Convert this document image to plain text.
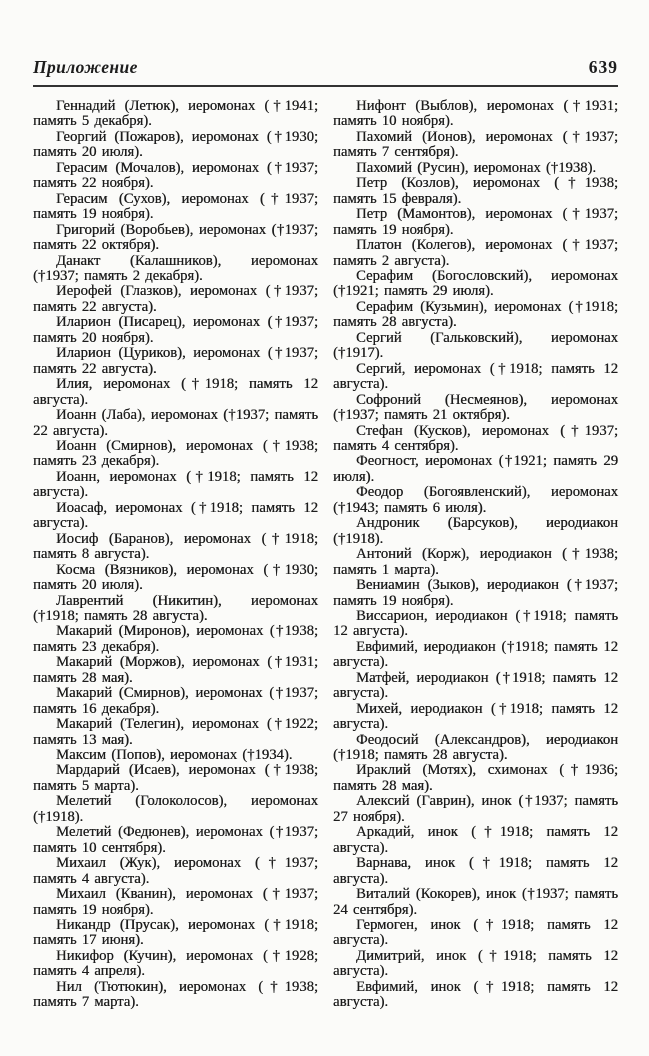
Приложение	639

Геннадий (Летюк), иеромонах (†1941; память 5 декабря).

Георгий (Пожаров), иеромонах (†1930; память 20 июля).

Герасим (Мочалов), иеромонах (†1937; память 22 ноября).

Герасим (Сухов), иеромонах (†1937; память 19 ноября).

Григорий (Воробьев), иеромонах (†1937; память 22 октября).

Данакт (Калашников), иеромонах (†1937; память 2 декабря).

Иерофей (Глазков), иеромонах (†1937; память 22 августа).

Иларион (Писарец), иеромонах (†1937; память 20 ноября).

Иларион (Цуриков), иеромонах (†1937; память 22 августа).

Илия, иеромонах (†1918; память 12 августа).

Иоанн (Лаба), иеромонах (†1937; память 22 августа).

Иоанн (Смирнов), иеромонах (†1938; память 23 декабря).

Иоанн, иеромонах (†1918; память 12 августа).

Иоасаф, иеромонах (†1918; память 12 августа).

Иосиф (Баранов), иеромонах (†1918; память 8 августа).

Косма (Вязников), иеромонах (†1930; память 20 июля).

Лаврентий (Никитин), иеромонах (†1918; память 28 августа).

Макарий (Миронов), иеромонах (†1938; память 23 декабря).

Макарий (Моржов), иеромонах (†1931; память 28 мая).

Макарий (Смирнов), иеромонах (†1937; память 16 декабря).

Макарий (Телегин), иеромонах (†1922; память 13 мая).

Максим (Попов), иеромонах (†1934).

Мардарий (Исаев), иеромонах (†1938; память 5 марта).

Мелетий (Голоколосов), иеромонах (†1918).

Мелетий (Федюнев), иеромонах (†1937; память 10 сентября).

Михаил (Жук), иеромонах (†1937; память 4 августа).

Михаил (Кванин), иеромонах (†1937; память 19 ноября).

Никандр (Прусак), иеромонах (†1918; память 17 июня).

Никифор (Кучин), иеромонах (†1928; память 4 апреля).

Нил (Тютюкин), иеромонах (†1938; память 7 марта).

Нифонт (Выблов), иеромонах (†1931; память 10 ноября).

Пахомий (Ионов), иеромонах (†1937; память 7 сентября).

Пахомий (Русин), иеромонах (†1938).

Петр (Козлов), иеромонах (†1938; память 15 февраля).

Петр (Мамонтов), иеромонах (†1937; память 19 ноября).

Платон (Колегов), иеромонах (†1937; память 2 августа).

Серафим (Богословский), иеромонах (†1921; память 29 июля).

Серафим (Кузьмин), иеромонах (†1918; память 28 августа).

Сергий (Гальковский), иеромонах (†1917).

Сергий, иеромонах (†1918; память 12 августа).

Софроний (Несмеянов), иеромонах (†1937; память 21 октября).

Стефан (Кусков), иеромонах (†1937; память 4 сентября).

Феогност, иеромонах (†1921; память 29 июля).

Феодор (Богоявленский), иеромонах (†1943; память 6 июля).

Андроник (Барсуков), иеродиакон (†1918).

Антоний (Корж), иеродиакон (†1938; память 1 марта).

Вениамин (Зыков), иеродиакон (†1937; память 19 ноября).

Виссарион, иеродиакон (†1918; память 12 августа).

Евфимий, иеродиакон (†1918; память 12 августа).

Матфей, иеродиакон (†1918; память 12 августа).

Михей, иеродиакон (†1918; память 12 августа).

Феодосий (Александров), иеродиакон (†1918; память 28 августа).

Ираклий (Мотях), схимонах (†1936; память 28 мая).

Алексий (Гаврин), инок (†1937; память 27 ноября).

Аркадий, инок (†1918; память 12 августа).

Варнава, инок (†1918; память 12 августа).

Виталий (Кокорев), инок (†1937; память 24 сентября).

Гермоген, инок (†1918; память 12 августа).

Димитрий, инок (†1918; память 12 августа).

Евфимий, инок (†1918; память 12 августа).
